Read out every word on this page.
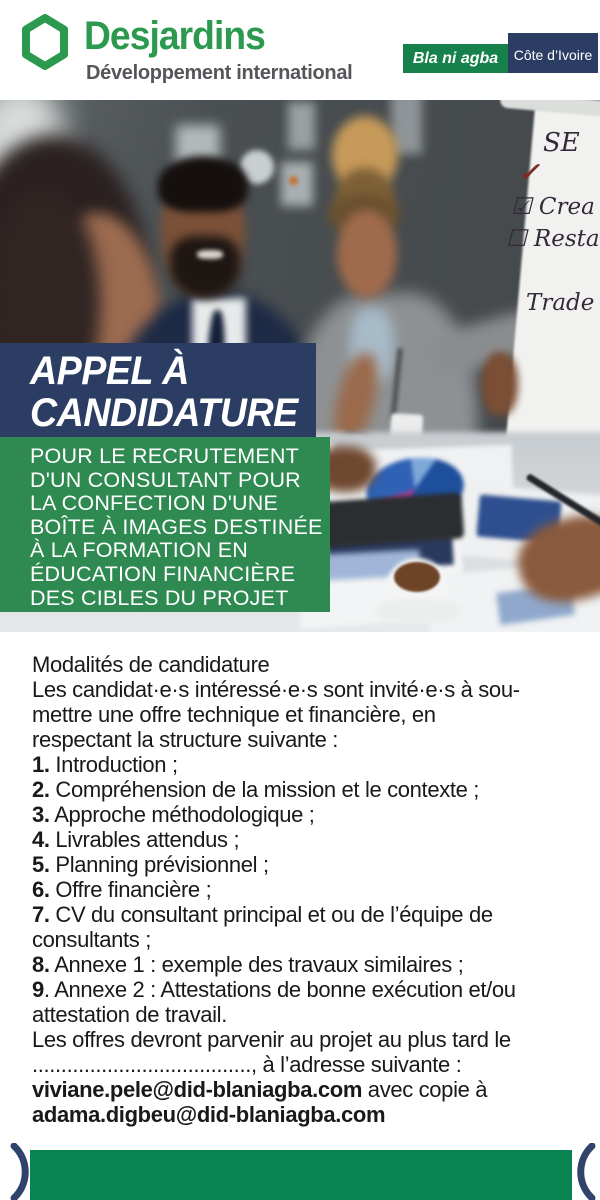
Desjardins
Développement international
Bla ni agba	Côte d’Ivoire
SE
✓
☑ Crea
☐ Resta
Trade
APPEL À
CANDIDATURE
POUR LE RECRUTEMENT
D'UN CONSULTANT POUR
LA CONFECTION D'UNE
BOÎTE À IMAGES DESTINÉE
À LA FORMATION EN
ÉDUCATION FINANCIÈRE
DES CIBLES DU PROJET
Modalités de candidature
Les candidat·e·s intéressé·e·s sont invité·e·s à sou-
mettre une offre technique et financière, en
respectant la structure suivante :
1. Introduction ;
2. Compréhension de la mission et le contexte ;
3. Approche méthodologique ;
4. Livrables attendus ;
5. Planning prévisionnel ;
6. Offre financière ;
7. CV du consultant principal et ou de l’équipe de
consultants ;
8. Annexe 1 : exemple des travaux similaires ;
9. Annexe 2 : Attestations de bonne exécution et/ou
attestation de travail.
Les offres devront parvenir au projet au plus tard le
......................................, à l’adresse suivante :
viviane.pele@did-blaniagba.com avec copie à
adama.digbeu@did-blaniagba.com
